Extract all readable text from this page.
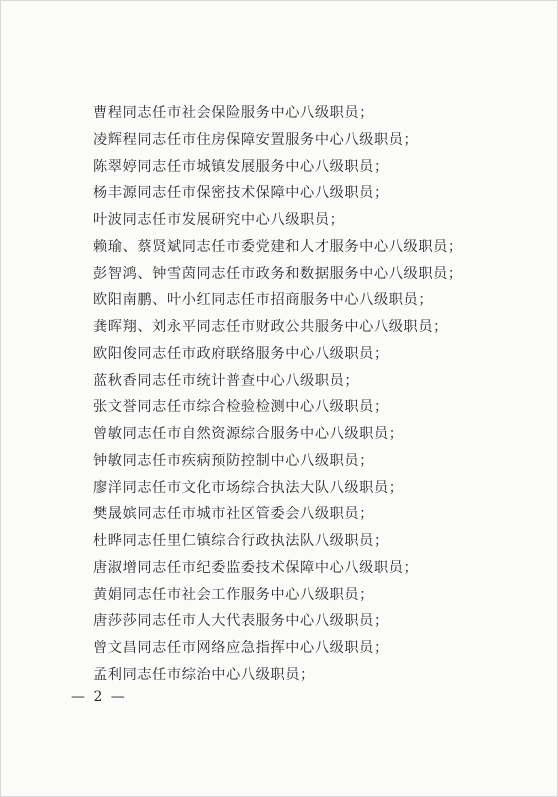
曹程同志任市社会保险服务中心八级职员；
凌辉程同志任市住房保障安置服务中心八级职员；
陈翠婷同志任市城镇发展服务中心八级职员；
杨丰源同志任市保密技术保障中心八级职员；
叶波同志任市发展研究中心八级职员；
赖瑜、蔡贤斌同志任市委党建和人才服务中心八级职员；
彭智鸿、钟雪茵同志任市政务和数据服务中心八级职员；
欧阳南鹏、叶小红同志任市招商服务中心八级职员；
龚晖翔、刘永平同志任市财政公共服务中心八级职员；
欧阳俊同志任市政府联络服务中心八级职员；
蓝秋香同志任市统计普查中心八级职员；
张文誉同志任市综合检验检测中心八级职员；
曾敏同志任市自然资源综合服务中心八级职员；
钟敏同志任市疾病预防控制中心八级职员；
廖洋同志任市文化市场综合执法大队八级职员；
樊晟嫔同志任市城市社区管委会八级职员；
杜晔同志任里仁镇综合行政执法队八级职员；
唐淑增同志任市纪委监委技术保障中心八级职员；
黄娟同志任市社会工作服务中心八级职员；
唐莎莎同志任市人大代表服务中心八级职员；
曾文昌同志任市网络应急指挥中心八级职员；
孟利同志任市综治中心八级职员；
— 2 —
